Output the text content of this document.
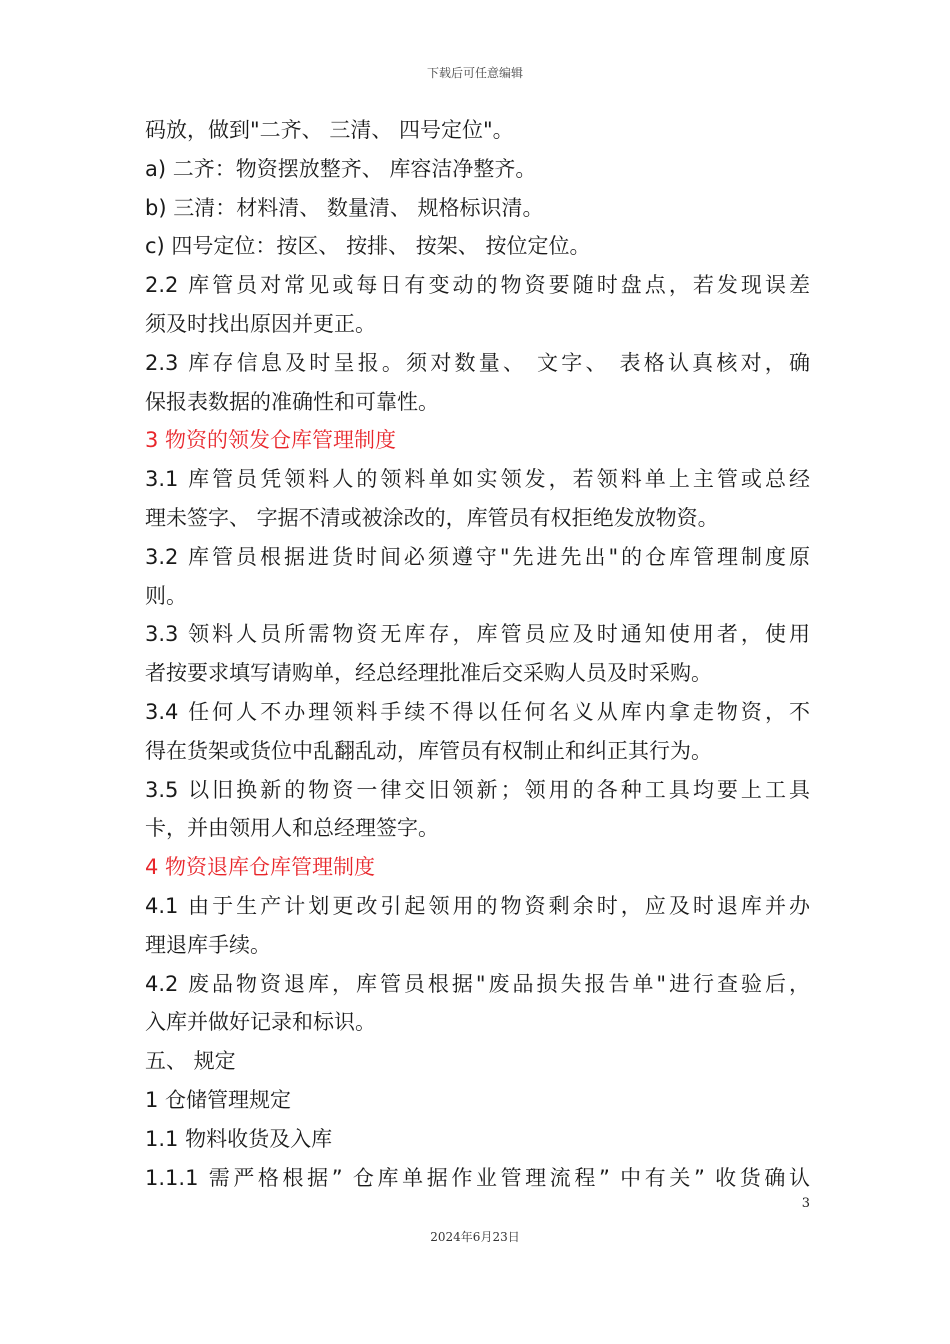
下载后可任意编辑
码放，做到"二齐、 三清、 四号定位"。
a) 二齐：物资摆放整齐、 库容洁净整齐。
b) 三清：材料清、 数量清、 规格标识清。
c) 四号定位：按区、 按排、 按架、 按位定位。
2.2 库管员对常见或每日有变动的物资要随时盘点，若发现误差
须及时找出原因并更正。
2.3 库存信息及时呈报。须对数量、 文字、 表格认真核对，确
保报表数据的准确性和可靠性。
3 物资的领发仓库管理制度
3.1 库管员凭领料人的领料单如实领发，若领料单上主管或总经
理未签字、 字据不清或被涂改的，库管员有权拒绝发放物资。
3.2 库管员根据进货时间必须遵守"先进先出"的仓库管理制度原
则。
3.3 领料人员所需物资无库存，库管员应及时通知使用者，使用
者按要求填写请购单，经总经理批准后交采购人员及时采购。
3.4 任何人不办理领料手续不得以任何名义从库内拿走物资，不
得在货架或货位中乱翻乱动，库管员有权制止和纠正其行为。
3.5 以旧换新的物资一律交旧领新；领用的各种工具均要上工具
卡，并由领用人和总经理签字。
4 物资退库仓库管理制度
4.1 由于生产计划更改引起领用的物资剩余时，应及时退库并办
理退库手续。
4.2 废品物资退库，库管员根据"废品损失报告单"进行查验后，
入库并做好记录和标识。
五、 规定
1 仓储管理规定
1.1 物料收货及入库
1.1.1 需严格根据” 仓库单据作业管理流程” 中有关” 收货确认
3
2024年6月23日
